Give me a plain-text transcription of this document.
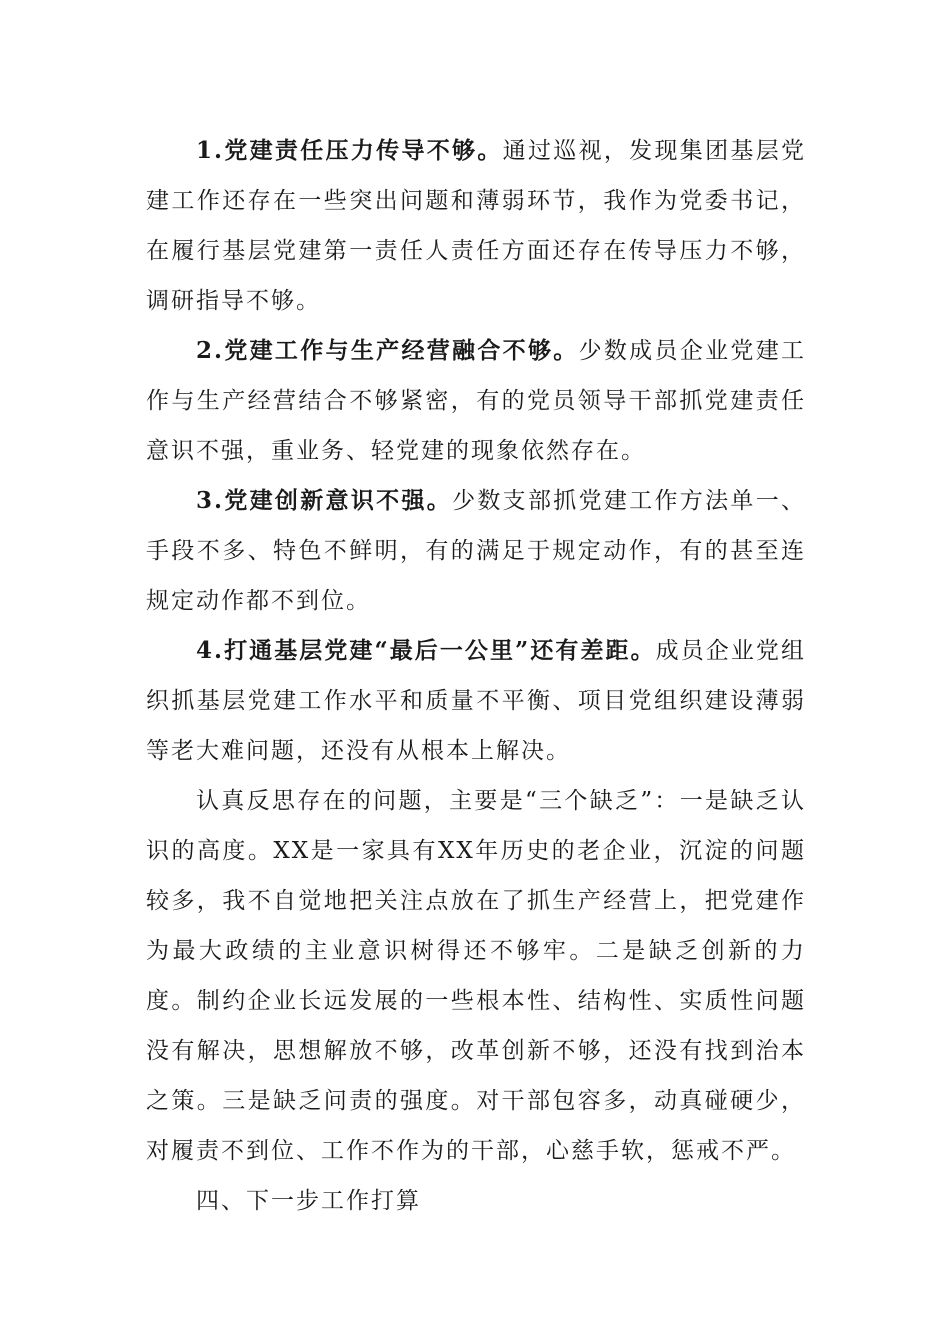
1.党建责任压力传导不够。通过巡视，发现集团基层党建工作还存在一些突出问题和薄弱环节，我作为党委书记，在履行基层党建第一责任人责任方面还存在传导压力不够，调研指导不够。

2.党建工作与生产经营融合不够。少数成员企业党建工作与生产经营结合不够紧密，有的党员领导干部抓党建责任意识不强，重业务、轻党建的现象依然存在。

3.党建创新意识不强。少数支部抓党建工作方法单一、手段不多、特色不鲜明，有的满足于规定动作，有的甚至连规定动作都不到位。

4.打通基层党建“最后一公里”还有差距。成员企业党组织抓基层党建工作水平和质量不平衡、项目党组织建设薄弱等老大难问题，还没有从根本上解决。

认真反思存在的问题，主要是“三个缺乏”：一是缺乏认识的高度。XX是一家具有XX年历史的老企业，沉淀的问题较多，我不自觉地把关注点放在了抓生产经营上，把党建作为最大政绩的主业意识树得还不够牢。二是缺乏创新的力度。制约企业长远发展的一些根本性、结构性、实质性问题没有解决，思想解放不够，改革创新不够，还没有找到治本之策。三是缺乏问责的强度。对干部包容多，动真碰硬少，对履责不到位、工作不作为的干部，心慈手软，惩戒不严。

四、下一步工作打算
